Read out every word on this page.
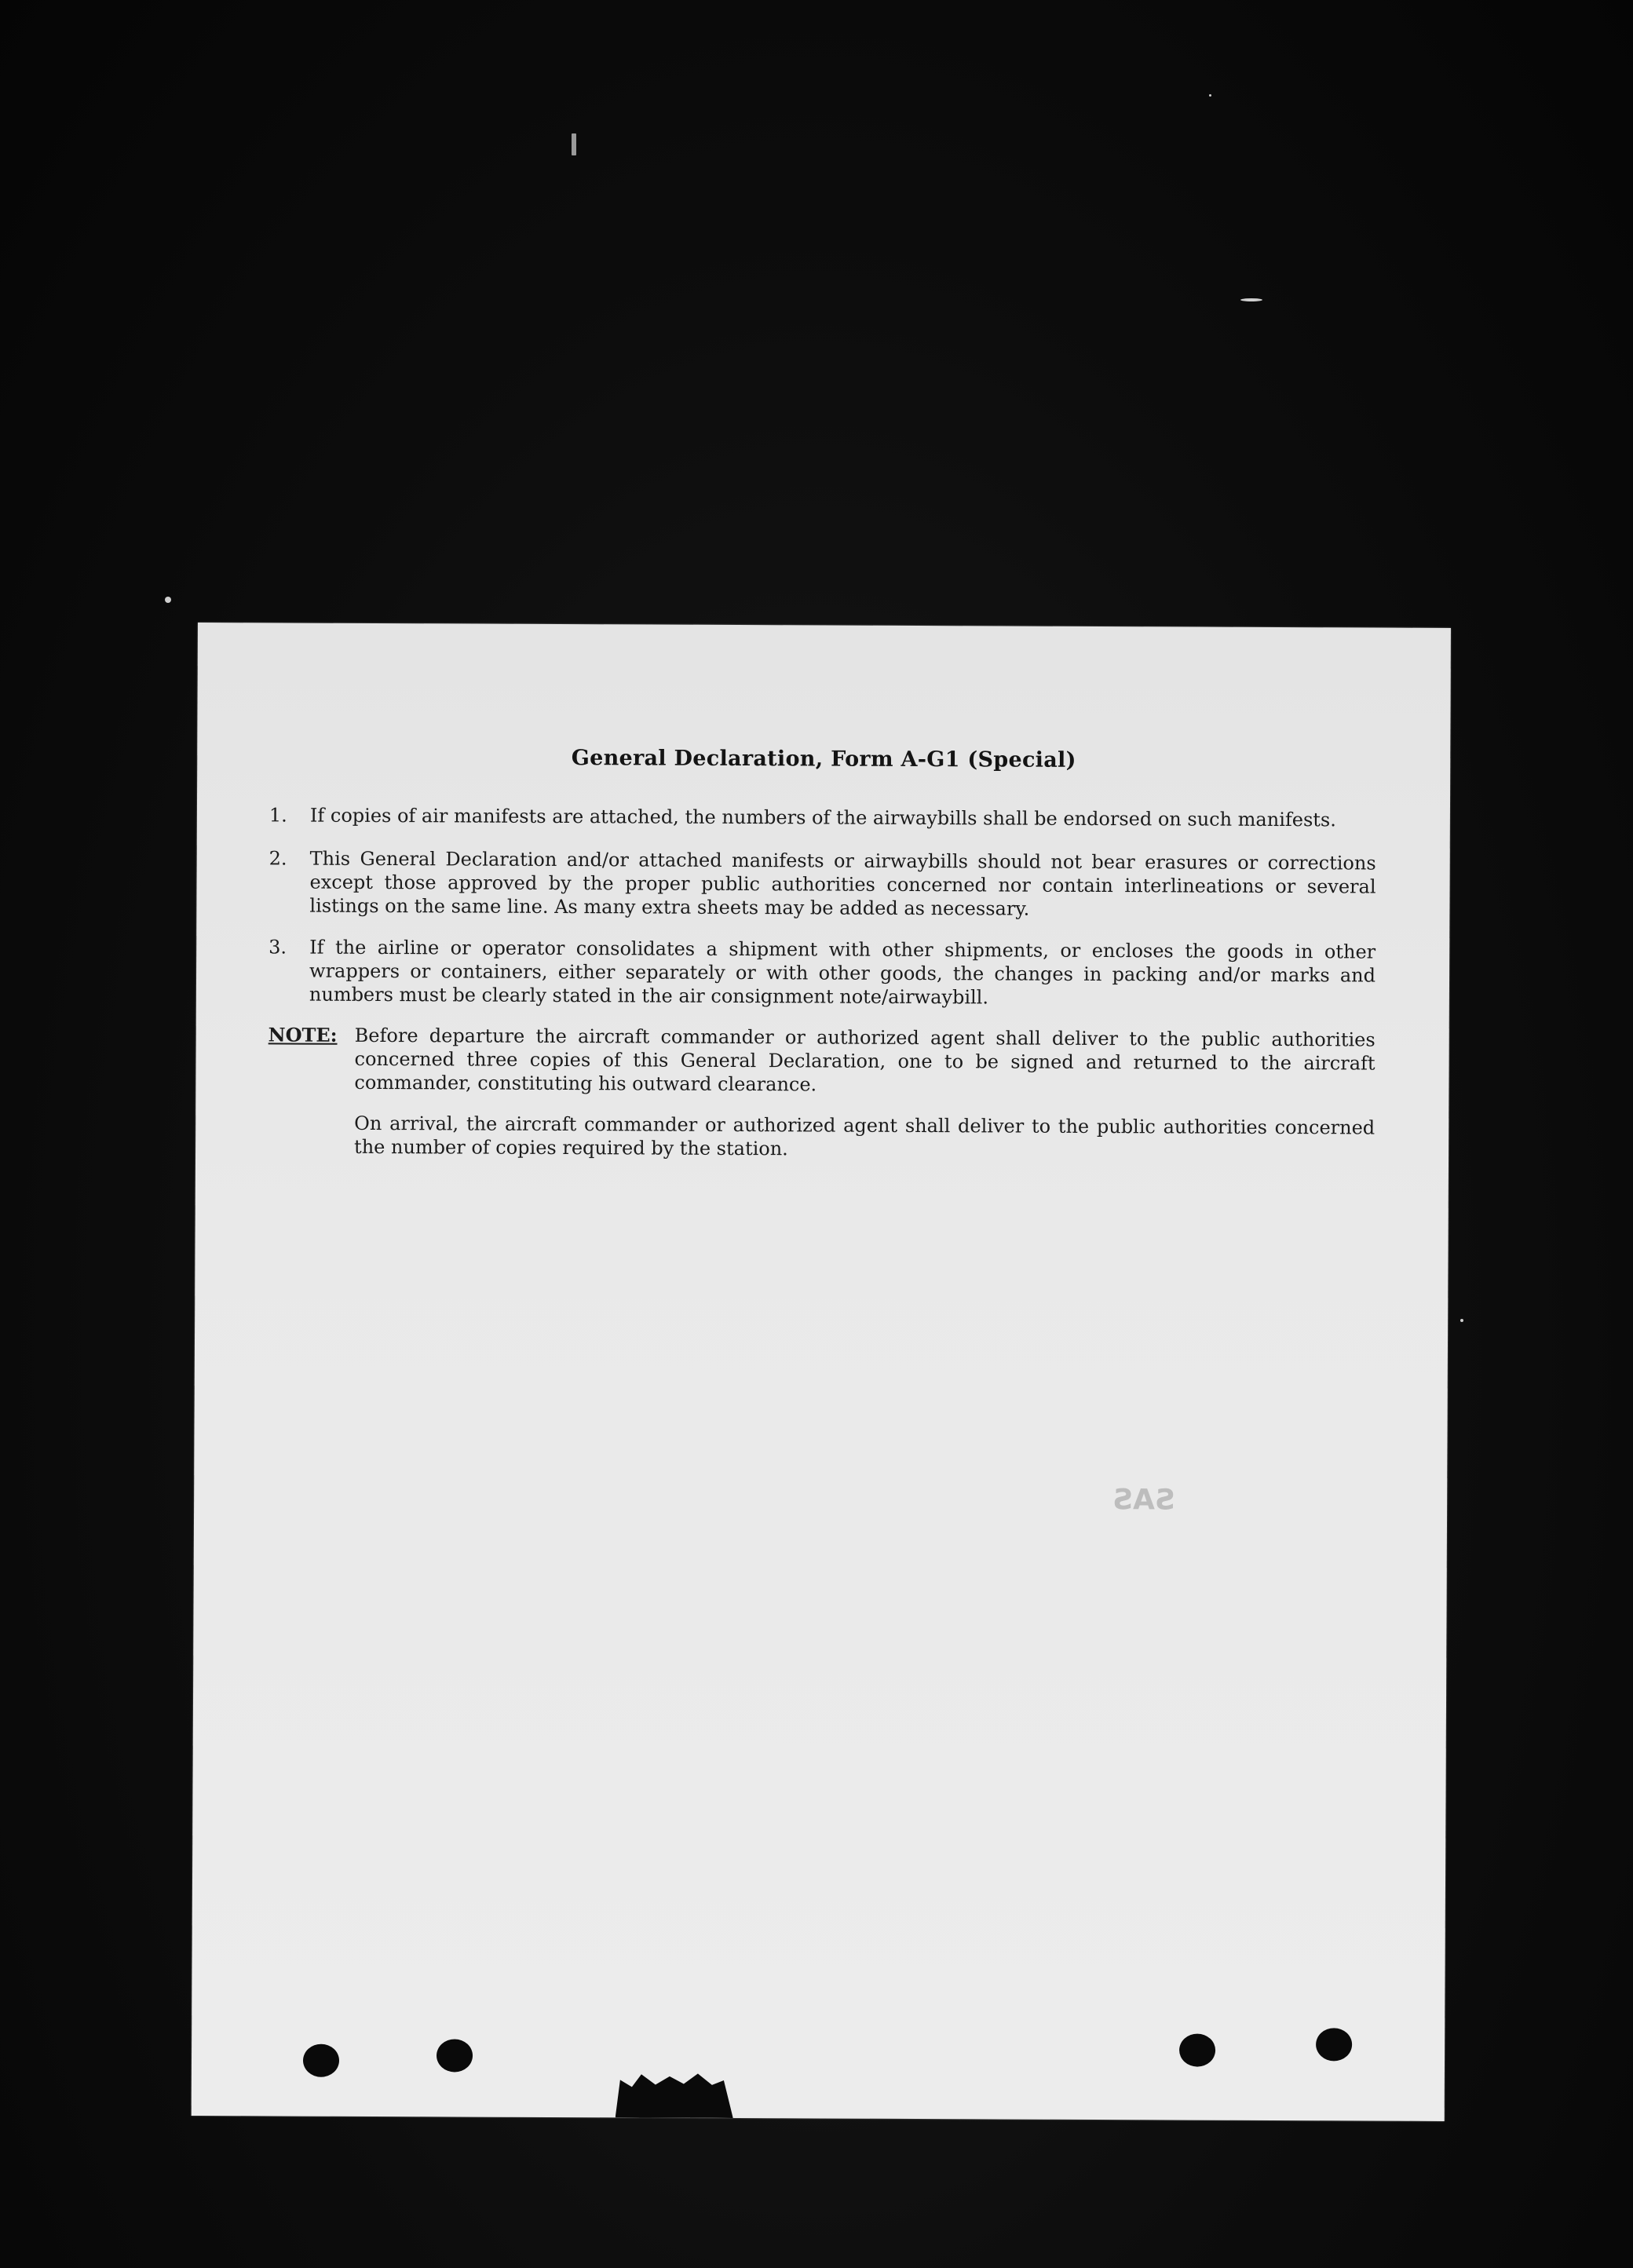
General Declaration, Form A-G1 (Special)
1.	If copies of air manifests are attached, the numbers of the airwaybills shall be endorsed on such manifests.
2.	This General Declaration and/or attached manifests or airwaybills should not bear erasures or corrections except those approved by the proper public authorities concerned nor contain interlineations or several listings on the same line. As many extra sheets may be added as necessary.
3.	If the airline or operator consolidates a shipment with other shipments, or encloses the goods in other wrappers or containers, either separately or with other goods, the changes in packing and/or marks and numbers must be clearly stated in the air consignment note/airwaybill.
NOTE: Before departure the aircraft commander or authorized agent shall deliver to the public authorities concerned three copies of this General Declaration, one to be signed and returned to the aircraft commander, constituting his outward clearance.

On arrival, the aircraft commander or authorized agent shall deliver to the public authorities concerned the number of copies required by the station.

SAS
